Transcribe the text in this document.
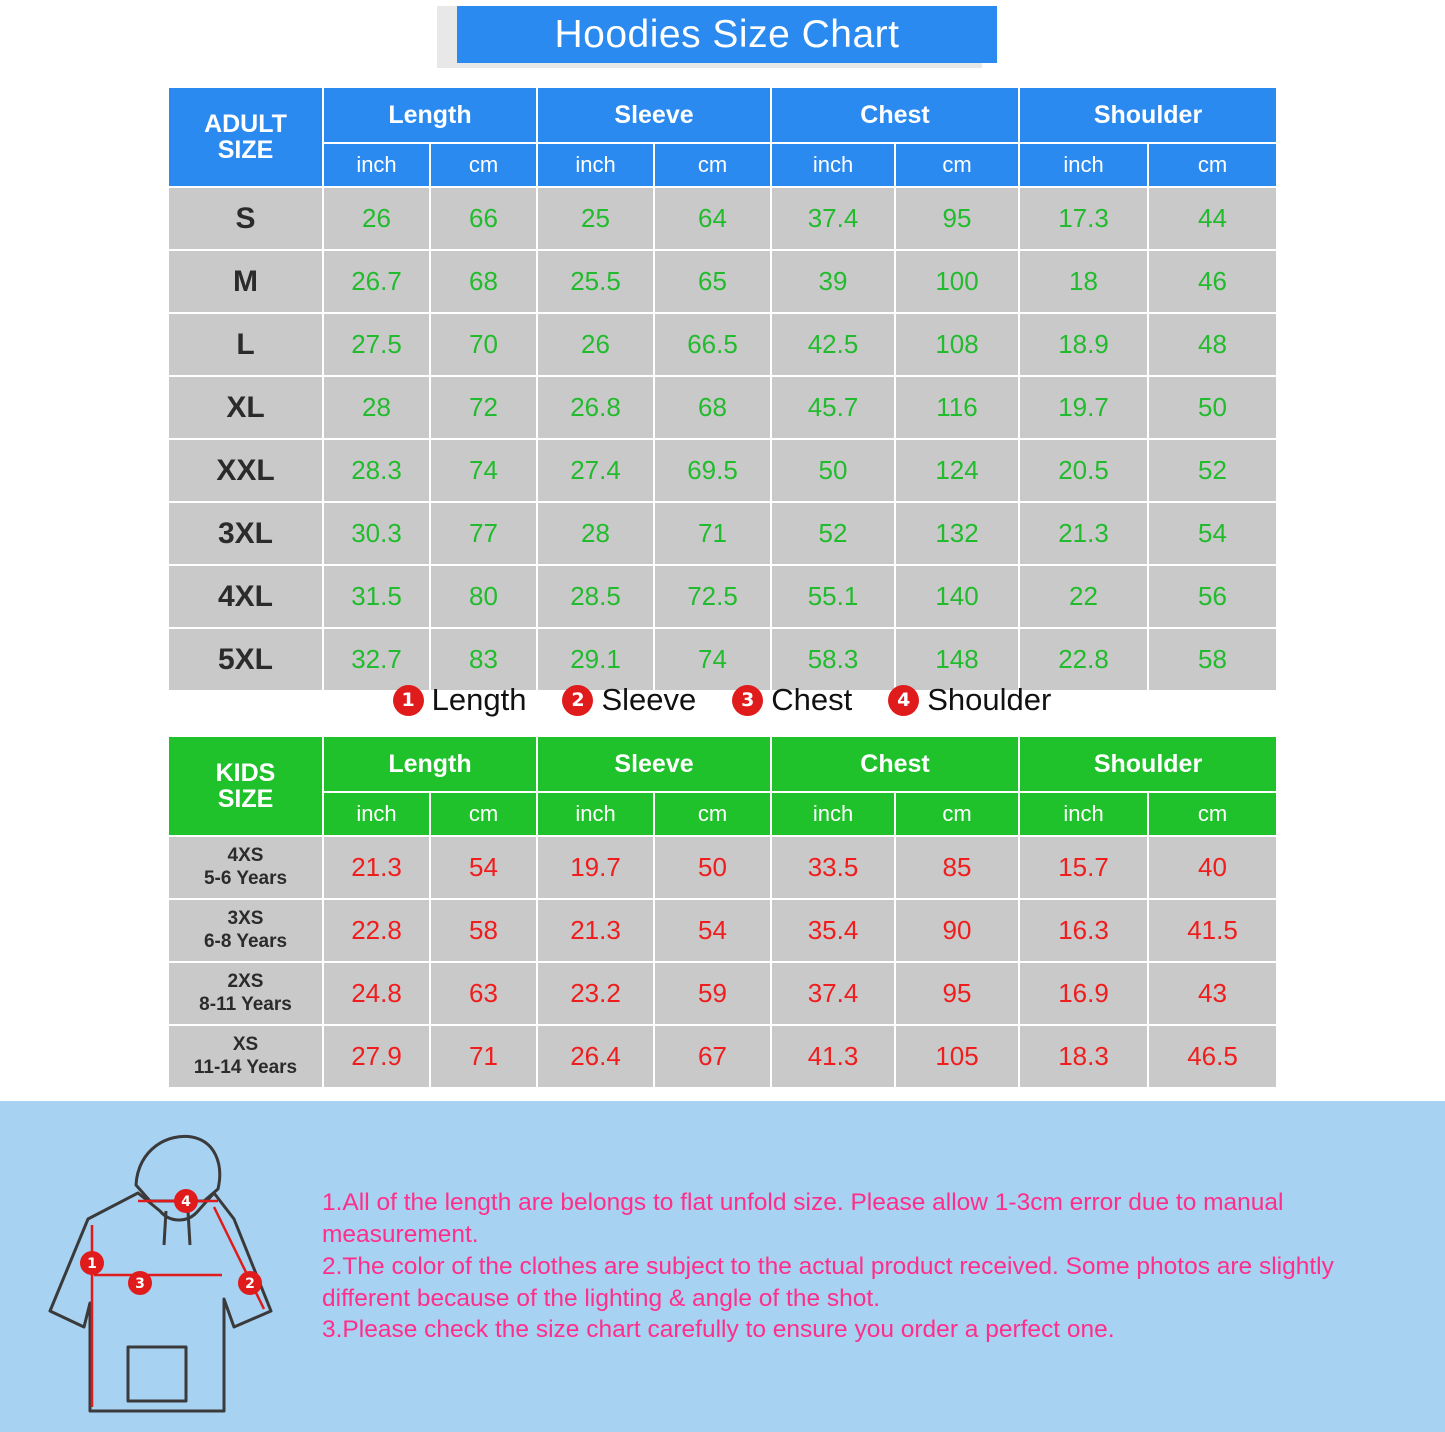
Hoodies Size Chart
ADULT
SIZE	Length		Sleeve		Chest		Shoulder	
	inch	cm	inch	cm	inch	cm	inch	cm
S	26	66	25	64	37.4	95	17.3	44
M	26.7	68	25.5	65	39	100	18	46
L	27.5	70	26	66.5	42.5	108	18.9	48
XL	28	72	26.8	68	45.7	116	19.7	50
XXL	28.3	74	27.4	69.5	50	124	20.5	52
3XL	30.3	77	28	71	52	132	21.3	54
4XL	31.5	80	28.5	72.5	55.1	140	22	56
5XL	32.7	83	29.1	74	58.3	148	22.8	58
1 Length	2 Sleeve	3 Chest	4 Shoulder
KIDS
SIZE	Length		Sleeve		Chest		Shoulder	
	inch	cm	inch	cm	inch	cm	inch	cm

4XS
5-6 Years	21.3	54	19.7	50	33.5	85	15.7	40

3XS
6-8 Years	22.8	58	21.3	54	35.4	90	16.3	41.5

2XS
8-11 Years	24.8	63	23.2	59	37.4	95	16.9	43

XS
11-14 Years	27.9	71	26.4	67	41.3	105	18.3	46.5
4
1
3	2

1.All of the length are belongs to flat unfold size. Please allow 1-3cm error due to manual measurement.

2.The color of the clothes are subject to the actual product received. Some photos are slightly different because of the lighting & angle of the shot.

3.Please check the size chart carefully to ensure you order a perfect one.
